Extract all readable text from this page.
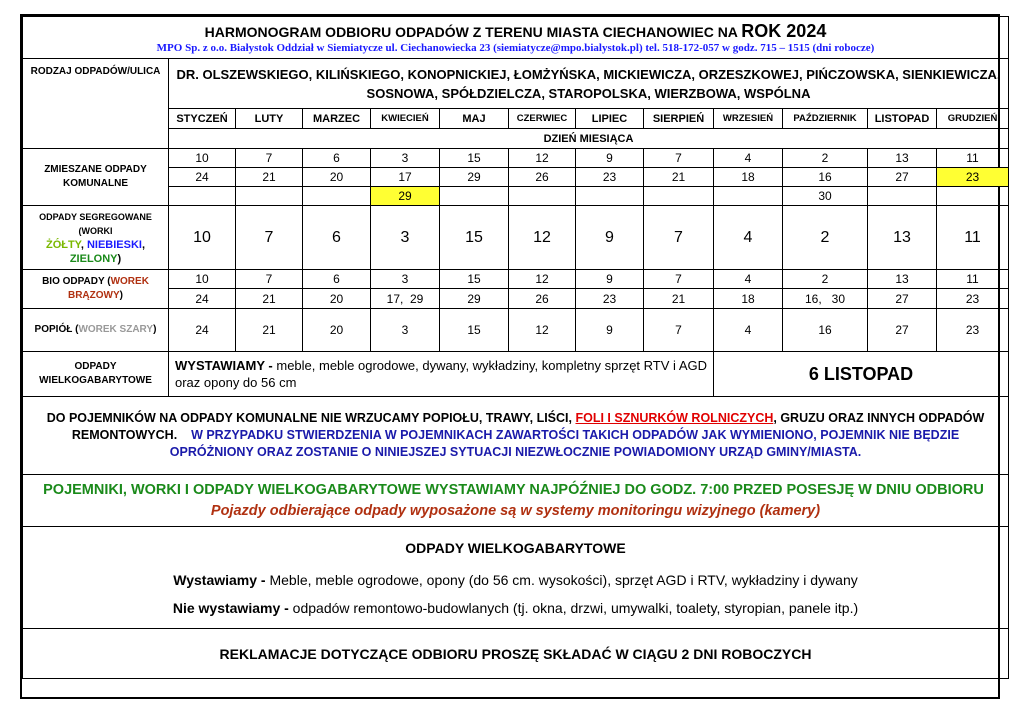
HARMONOGRAM ODBIORU ODPADÓW Z TERENU MIASTA CIECHANOWIEC NA ROK 2024
MPO Sp. z o.o. Białystok Oddział w Siemiatycze ul. Ciechanowiecka 23 (siemiatycze@mpo.bialystok.pl) tel. 518-172-057 w godz. 715 – 1515 (dni robocze)												

RODZAJ ODPADÓW/ULICA	DR. OLSZEWSKIEGO, KILIŃSKIEGO, KONOPNICKIEJ, ŁOMŻYŃSKA, MICKIEWICZA, ORZESZKOWEJ, PIŃCZOWSKA, SIENKIEWICZA, SOSNOWA, SPÓŁDZIELCZA, STAROPOLSKA, WIERZBOWA, WSPÓLNA											
	STYCZEŃ	LUTY	MARZEC	KWIECIEŃ	MAJ	CZERWIEC	LIPIEC	SIERPIEŃ	WRZESIEŃ	PAŹDZIERNIK	LISTOPAD	GRUDZIEŃ
	DZIEŃ MIESIĄCA											
ZMIESZANE ODPADY KOMUNALNE	10	7	6	3	15	12	9	7	4	2	13	11
	24	21	20	17	29	26	23	21	18	16	27	23
				29						30		

ODPADY SEGREGOWANE
(WORKI
ŻÓŁTY, NIEBIESKI,
ZIELONY)	10	7	6	3	15	12	9	7	4	2	13	11
BIO ODPADY (WOREK BRĄZOWY)	10	7	6	3	15	12	9	7	4	2	13	11
	24	21	20	17,  29	29	26	23	21	18	16,   30	27	23
POPIÓŁ (WOREK SZARY)	24	21	20	3	15	12	9	7	4	16	27	23
ODPADY WIELKOGABARYTOWE	WYSTAWIAMY - meble, meble ogrodowe, dywany, wykładziny, kompletny sprzęt RTV i AGD oraz opony do 56 cm								6 LISTOPAD			
DO POJEMNIKÓW NA ODPADY KOMUNALNE NIE WRZUCAMY POPIOŁU, TRAWY, LIŚCI, FOLI I SZNURKÓW ROLNICZYCH, GRUZU ORAZ INNYCH ODPADÓW REMONTOWYCH. W PRZYPADKU STWIERDZENIA W POJEMNIKACH ZAWARTOŚCI TAKICH ODPADÓW JAK WYMIENIONO, POJEMNIK NIE BĘDZIE OPRÓŻNIONY ORAZ ZOSTANIE O NINIEJSZEJ SYTUACJI NIEZWŁOCZNIE POWIADOMIONY URZĄD GMINY/MIASTA.												
POJEMNIKI, WORKI I ODPADY WIELKOGABARYTOWE WYSTAWIAMY NAJPÓŹNIEJ DO GODZ. 7:00 PRZED POSESJĘ W DNIU ODBIORU  Pojazdy odbierające odpady wyposażone są w systemy monitoringu wizyjnego (kamery)												

ODPADY WIELKOGABARYTOWE
Wystawiamy - Meble, meble ogrodowe, opony (do 56 cm. wysokości), sprzęt AGD i RTV, wykładziny i dywany
Nie wystawiamy - odpadów remontowo-budowlanych (tj. okna, drzwi, umywalki, toalety, styropian, panele itp.)												

REKLAMACJE DOTYCZĄCE ODBIORU PROSZĘ SKŁADAĆ W CIĄGU 2 DNI ROBOCZYCH												
